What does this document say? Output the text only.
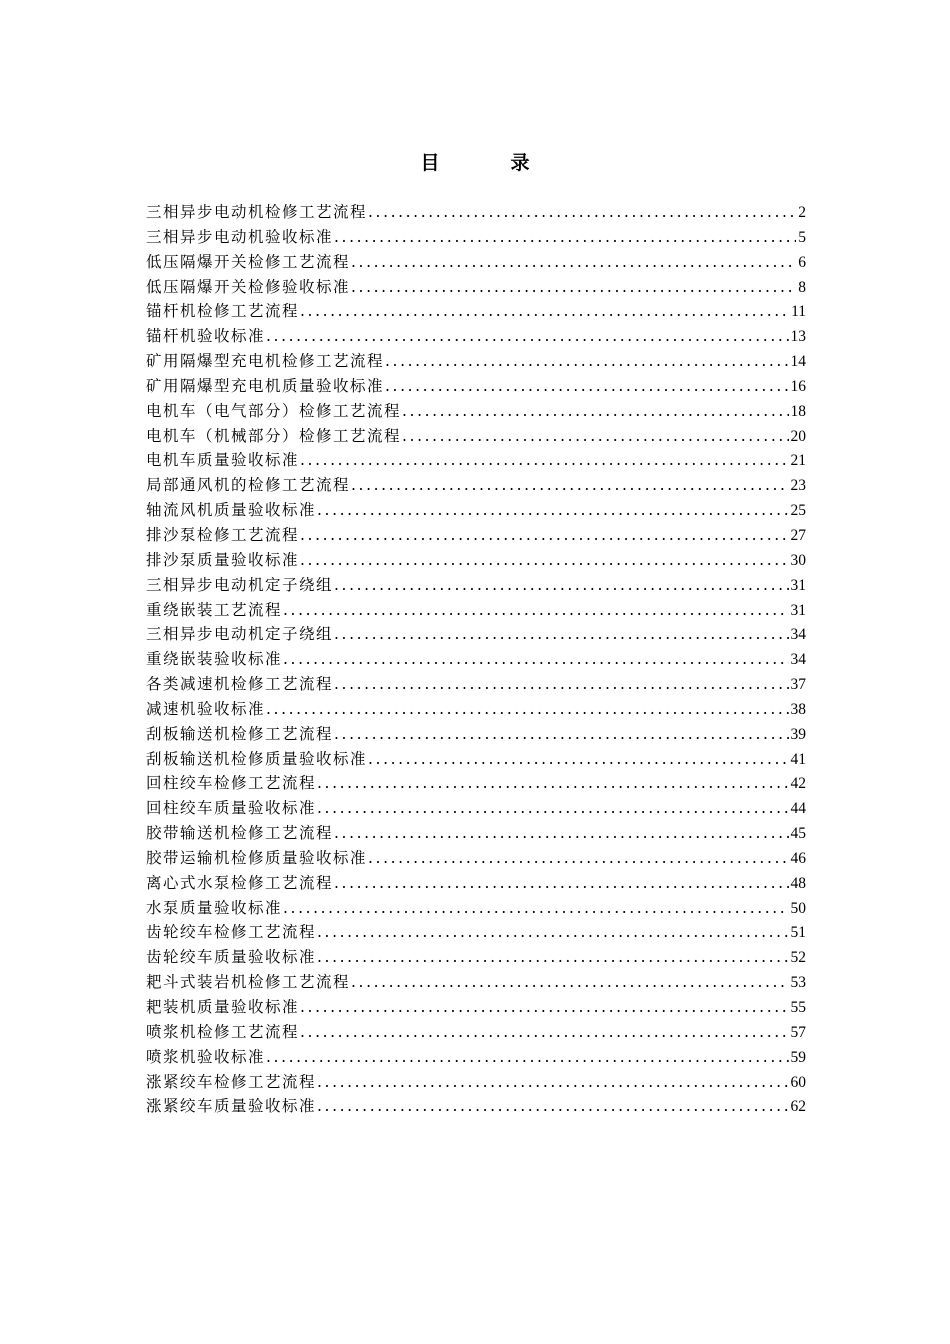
目　录
三相异步电动机检修工艺流程 .....	2
三相异步电动机验收标准 .....	5
低压隔爆开关检修工艺流程 .....	6
低压隔爆开关检修验收标准 .....	8
锚杆机检修工艺流程 .....	11
锚杆机验收标准 .....	13
矿用隔爆型充电机检修工艺流程 .....	14
矿用隔爆型充电机质量验收标准 .....	16
电机车（电气部分）检修工艺流程 .....	18
电机车（机械部分）检修工艺流程 .....	20
电机车质量验收标准 .....	21
局部通风机的检修工艺流程 .....	23
轴流风机质量验收标准 .....	25
排沙泵检修工艺流程 .....	27
排沙泵质量验收标准 .....	30
三相异步电动机定子绕组 .....	31
重绕嵌装工艺流程 .....	31
三相异步电动机定子绕组 .....	34
重绕嵌装验收标准 .....	34
各类减速机检修工艺流程 .....	37
减速机验收标准 .....	38
刮板输送机检修工艺流程 .....	39
刮板输送机检修质量验收标准 .....	41
回柱绞车检修工艺流程 .....	42
回柱绞车质量验收标准 .....	44
胶带输送机检修工艺流程 .....	45
胶带运输机检修质量验收标准 .....	46
离心式水泵检修工艺流程 .....	48
水泵质量验收标准 .....	50
齿轮绞车检修工艺流程 .....	51
齿轮绞车质量验收标准 .....	52
耙斗式装岩机检修工艺流程 .....	53
耙装机质量验收标准 .....	55
喷浆机检修工艺流程 .....	57
喷浆机验收标准 .....	59
涨紧绞车检修工艺流程 .....	60
涨紧绞车质量验收标准 .....	62
